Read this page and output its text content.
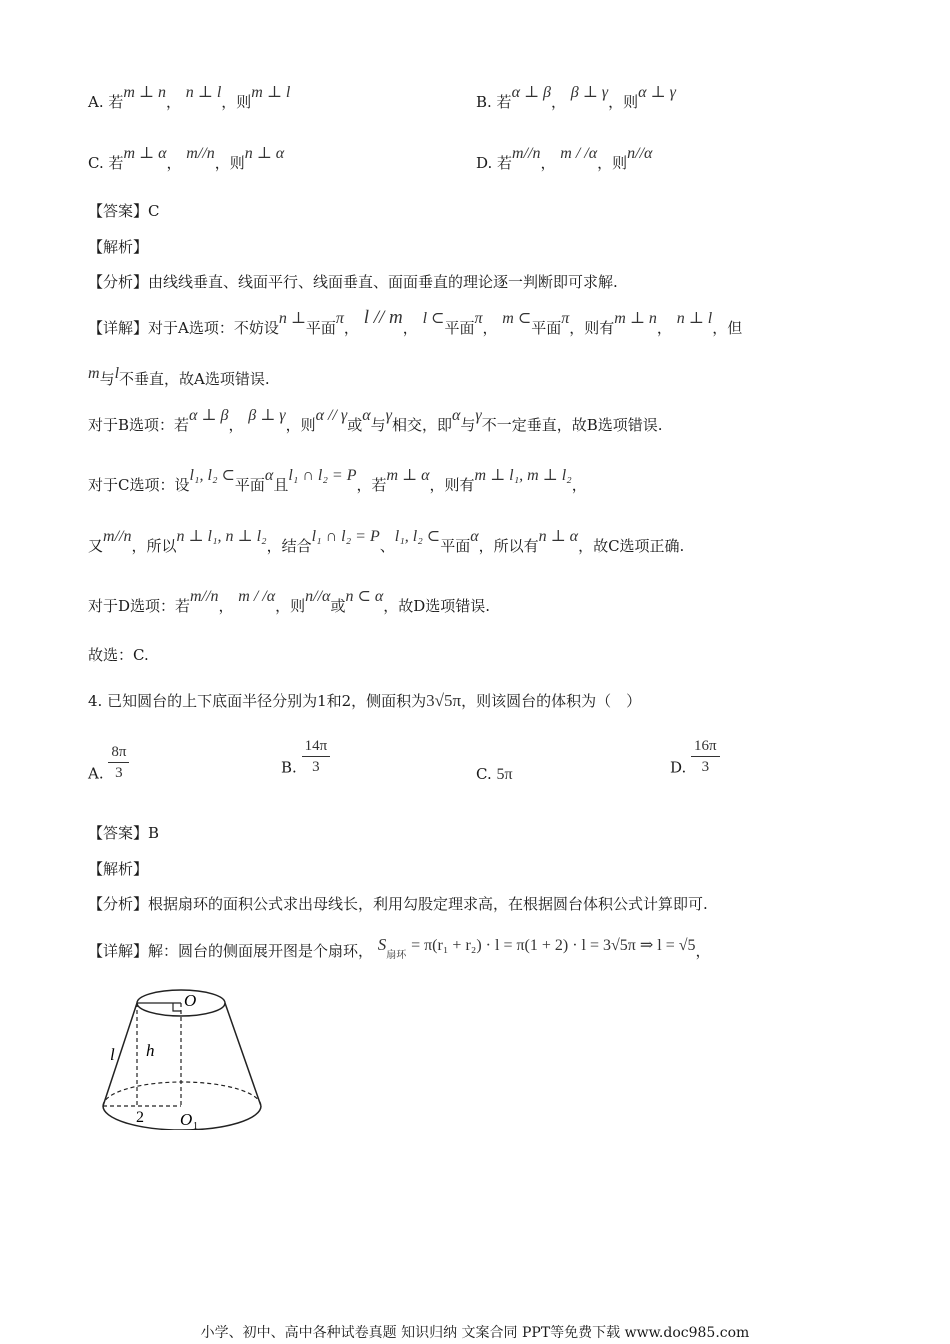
A. 若m ⊥ n， n ⊥ l，则m ⊥ l
B. 若α ⊥ β， β ⊥ γ，则α ⊥ γ
C. 若m ⊥ α， m//n，则n ⊥ α
D. 若m//n， m / /α，则n//α
【答案】C
【解析】
【分析】由线线垂直、线面平行、线面垂直、面面垂直的理论逐一判断即可求解.
【详解】对于A选项：不妨设n ⊥平面π， l // m， l ⊂平面π， m ⊂平面π，则有m ⊥ n， n ⊥ l，但
m与l不垂直，故A选项错误.
对于B选项：若α ⊥ β， β ⊥ γ，则α // γ或α与γ相交，即α与γ不一定垂直，故B选项错误.
对于C选项：设l₁, l₂ ⊂平面α且l₁ ∩ l₂ = P，若m ⊥ α，则有m ⊥ l₁, m ⊥ l₂，
又m//n，所以n ⊥ l₁, n ⊥ l₂，结合l₁ ∩ l₂ = P、l₁, l₂ ⊂平面α，所以有n ⊥ α，故C选项正确.
对于D选项：若m//n， m / /α，则n//α或n ⊂ α，故D选项错误.
故选：C.
4. 已知圆台的上下底面半径分别为1和2，侧面积为3√5π，则该圆台的体积为（　）
A. $\frac{8\pi}{3}$	B. $\frac{14\pi}{3}$	C. 5π	D. $\frac{16\pi}{3}$
【答案】B
【解析】
【分析】根据扇环的面积公式求出母线长，利用勾股定理求高，在根据圆台体积公式计算即可.
【详解】解：圆台的侧面展开图是个扇环， $S_{扇环} = \pi(r_1 + r_2) \cdot l = \pi(1 + 2) \cdot l = 3√5\pi$ ⇒ l = √5，
O
O 1
l h
2
小学、初中、高中各种试卷真题 知识归纳 文案合同 PPT等免费下载 www.doc985.com
